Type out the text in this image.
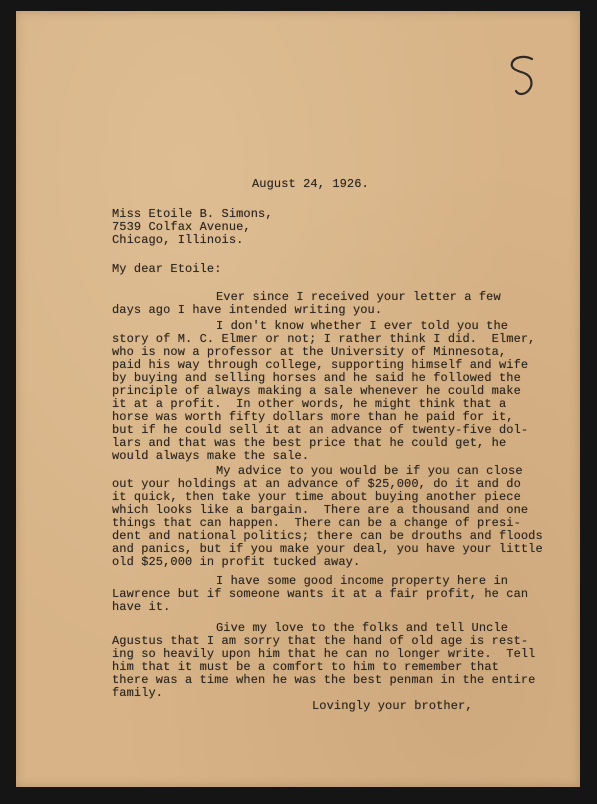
August 24, 1926.

Miss Etoile B. Simons,

7539 Colfax Avenue,

Chicago, Illinois.

My dear Etoile:

Ever since I received your letter a few

days ago I have intended writing you.

I don't know whether I ever told you the

story of M. C. Elmer or not; I rather think I did.  Elmer,

who is now a professor at the University of Minnesota,

paid his way through college, supporting himself and wife

by buying and selling horses and he said he followed the

principle of always making a sale whenever he could make

it at a profit.  In other words, he might think that a

horse was worth fifty dollars more than he paid for it,

but if he could sell it at an advance of twenty-five dol-

lars and that was the best price that he could get, he

would always make the sale.

My advice to you would be if you can close

out your holdings at an advance of $25,000, do it and do

it quick, then take your time about buying another piece

which looks like a bargain.  There are a thousand and one

things that can happen.  There can be a change of presi-

dent and national politics; there can be drouths and floods

and panics, but if you make your deal, you have your little

old $25,000 in profit tucked away.

I have some good income property here in

Lawrence but if someone wants it at a fair profit, he can

have it.

Give my love to the folks and tell Uncle

Agustus that I am sorry that the hand of old age is rest-

ing so heavily upon him that he can no longer write.  Tell

him that it must be a comfort to him to remember that

there was a time when he was the best penman in the entire

family.

Lovingly your brother,
